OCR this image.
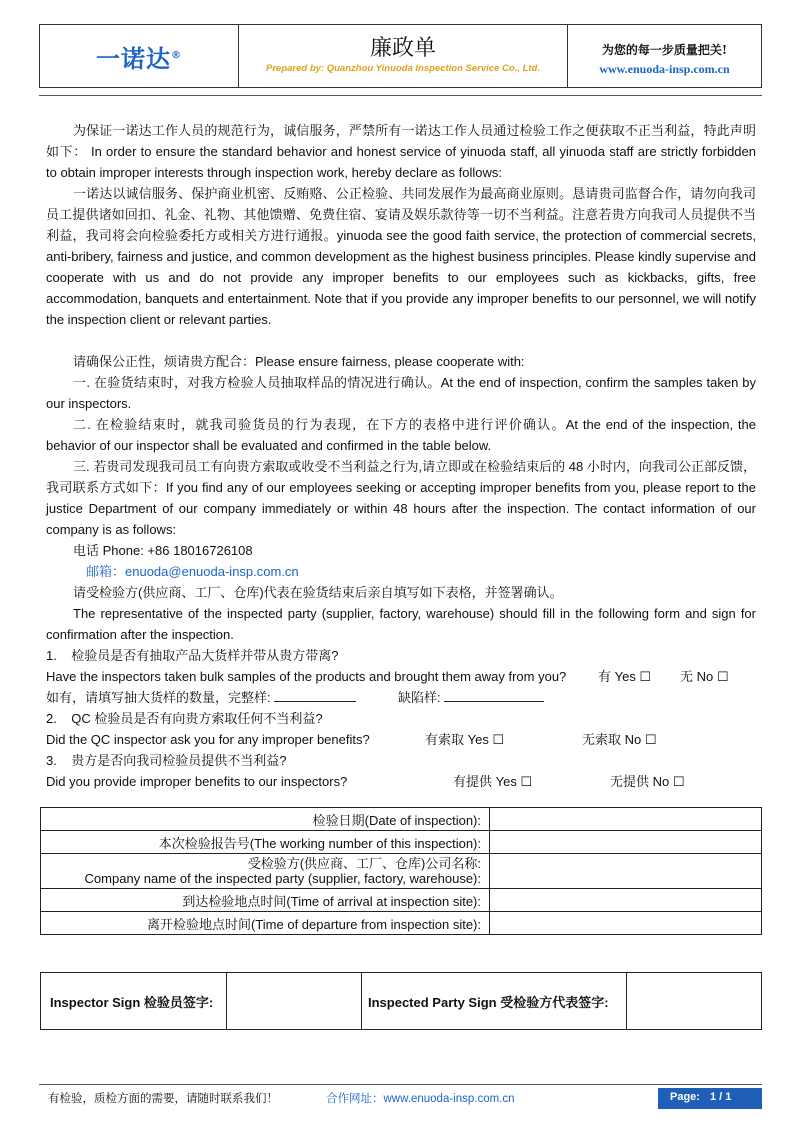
一诺达®	廉政单
Prepared by: Quanzhou Yinuoda Inspection Service Co., Ltd.
为您的每一步质量把关!
www.enuoda-insp.com.cn
为保证一诺达工作人员的规范行为，诚信服务，严禁所有一诺达工作人员通过检验工作之便获取不正当利益，特此声明如下： In order to ensure the standard behavior and honest service of yinuoda staff, all yinuoda staff are strictly forbidden to obtain improper interests through inspection work, hereby declare as follows:
一诺达以诚信服务、保护商业机密、反贿赂、公正检验、共同发展作为最高商业原则。恳请贵司监督合作，请勿向我司员工提供诸如回扣、礼金、礼物、其他馈赠、免费住宿、宴请及娱乐款待等一切不当利益。注意若贵方向我司人员提供不当利益，我司将会向检验委托方或相关方进行通报。yinuoda see the good faith service, the protection of commercial secrets, anti-bribery, fairness and justice, and common development as the highest business principles. Please kindly supervise and cooperate with us and do not provide any improper benefits to our employees such as kickbacks, gifts, free accommodation, banquets and entertainment. Note that if you provide any improper benefits to our personnel, we will notify the inspection client or relevant parties.
请确保公正性，烦请贵方配合：Please ensure fairness, please cooperate with:
一. 在验货结束时，对我方检验人员抽取样品的情况进行确认。At the end of inspection, confirm the samples taken by our inspectors.
二. 在检验结束时，就我司验货员的行为表现，在下方的表格中进行评价确认。At the end of the inspection, the behavior of our inspector shall be evaluated and confirmed in the table below.
三. 若贵司发现我司员工有向贵方索取或收受不当利益之行为,请立即或在检验结束后的 48 小时内，向我司公正部反馈，我司联系方式如下：If you find any of our employees seeking or accepting improper benefits from you, please report to the justice Department of our company immediately or within 48 hours after the inspection. The contact information of our company is as follows:
电话 Phone: +86 18016726108
邮箱：enuoda@enuoda-insp.com.cn
请受检验方(供应商、工厂、仓库)代表在验货结束后亲自填写如下表格，并签署确认。
The representative of the inspected party (supplier, factory, warehouse) should fill in the following form and sign for confirmation after the inspection.
1. 检验员是否有抽取产品大货样并带从贵方带离?
Have the inspectors taken bulk samples of the products and brought them away from you? 有 Yes ☐ 无 No ☐
如有，请填写抽大货样的数量，完整样:	缺陷样:
2. QC 检验员是否有向贵方索取任何不当利益?
Did the QC inspector ask you for any improper benefits?	有索取 Yes ☐	无索取 No ☐
3. 贵方是否向我司检验员提供不当利益?
Did you provide improper benefits to our inspectors?	有提供 Yes ☐	无提供 No ☐
检验日期(Date of inspection):	
本次检验报告号(The working number of this inspection):	

受检验方(供应商、工厂、仓库)公司名称:
Company name of the inspected party (supplier, factory, warehouse):	

到达检验地点时间(Time of arrival at inspection site):	
离开检验地点时间(Time of departure from inspection site):	
Inspector Sign 检验员签字:		Inspected Party Sign 受检验方代表签字:	
有检验，质检方面的需要，请随时联系我们！	合作网址：www.enuoda-insp.com.cn	Page: 1 / 1
